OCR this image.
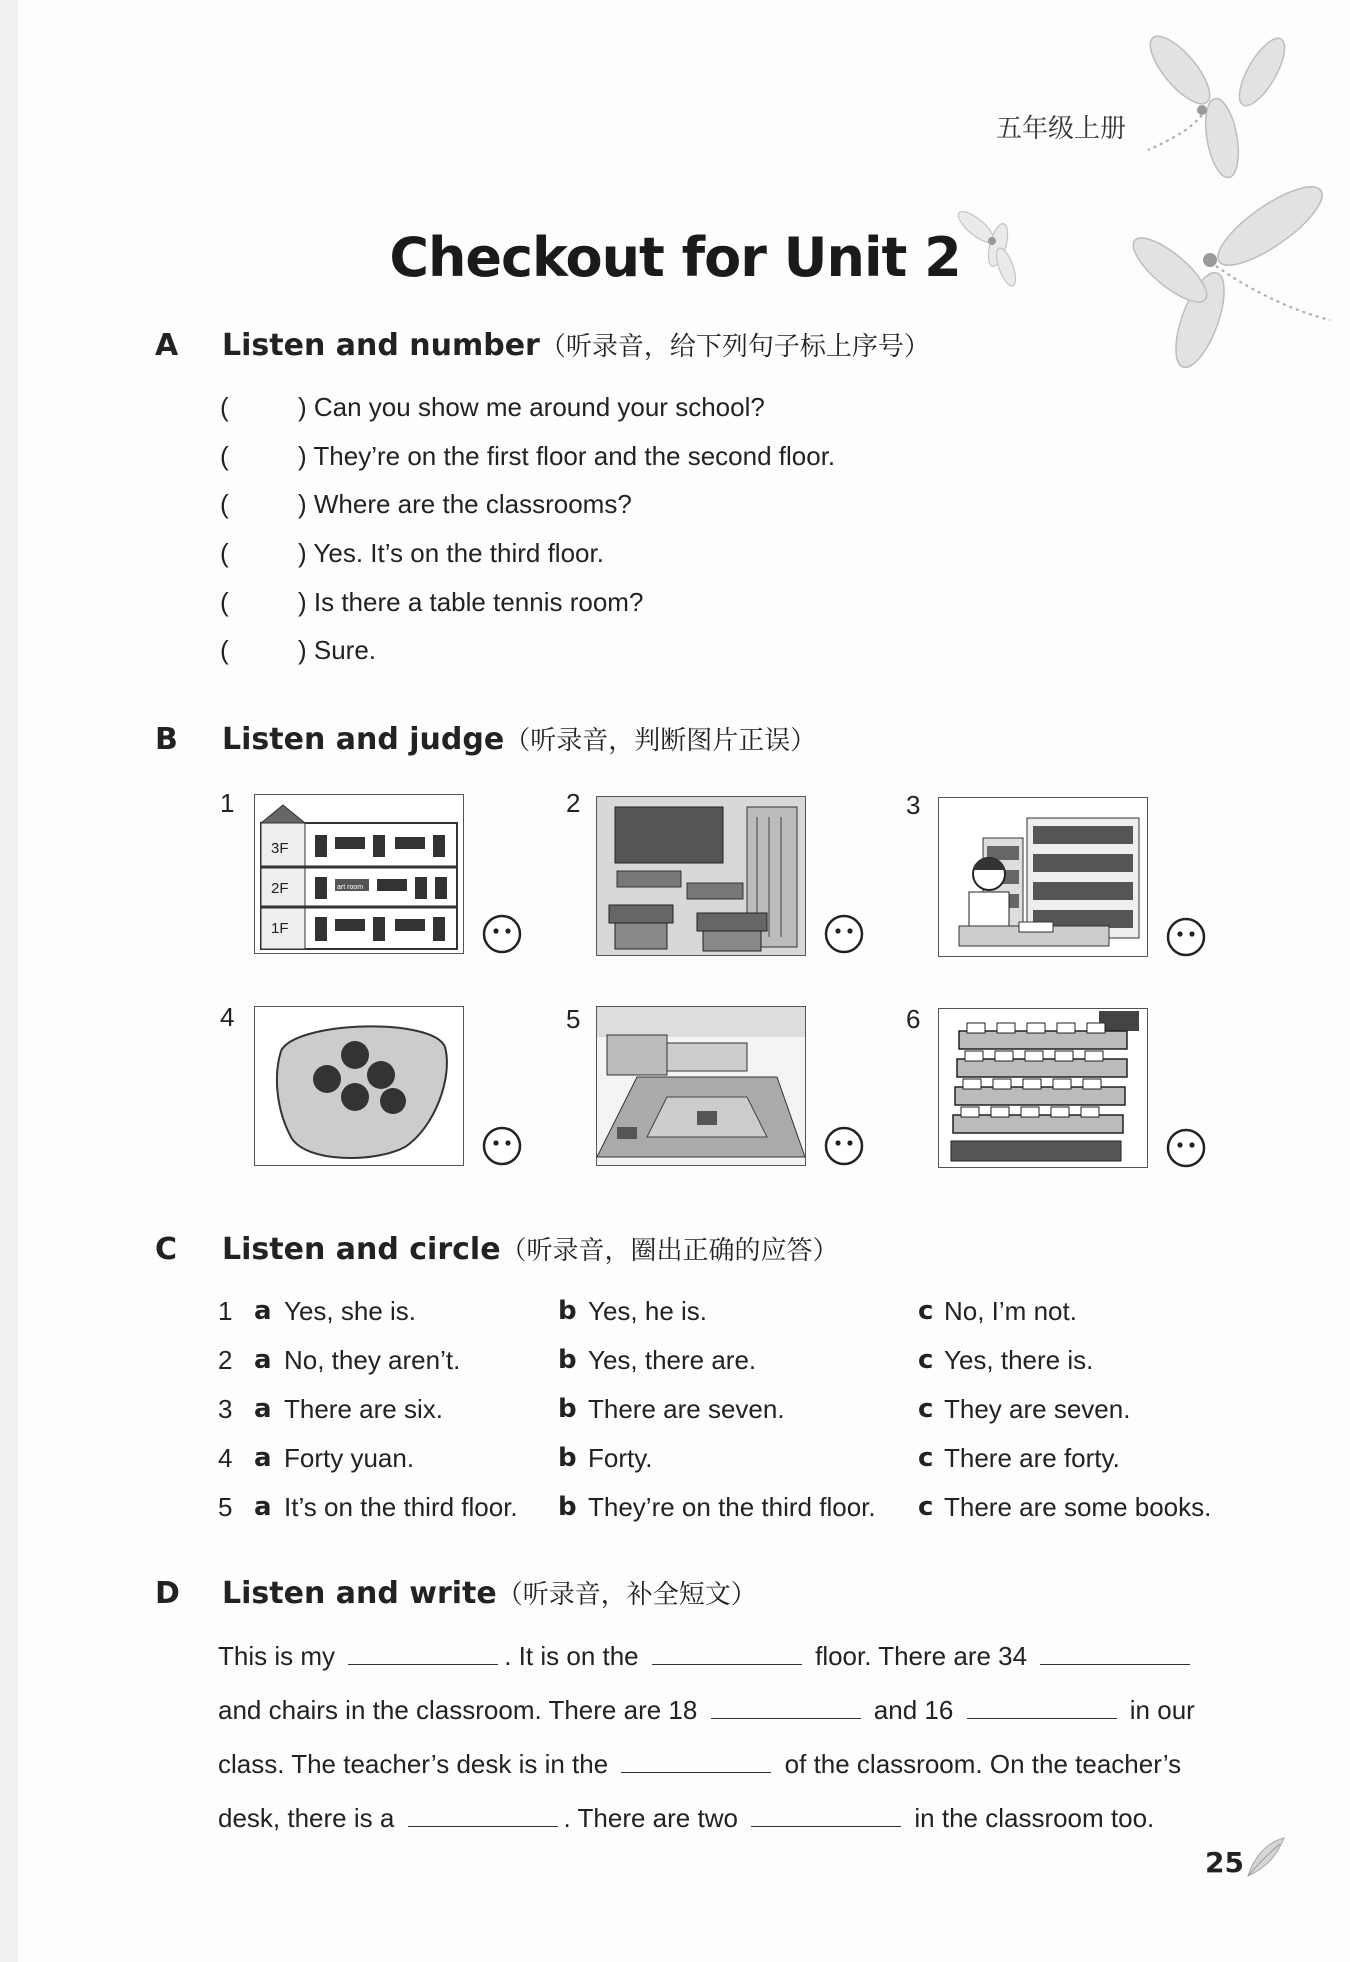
五年级上册
Checkout for Unit 2
A Listen and number（听录音，给下列句子标上序号）
(	) Can you show me around your school?
(	) They’re on the first floor and the second floor.
(	) Where are the classrooms?
(	) Yes. It’s on the third floor.
(	) Is there a table tennis room?
(	) Sure.
B Listen and judge（听录音，判断图片正误）
1
3F
2F
1F
art room
2	3
4	5	6
C Listen and circle（听录音，圈出正确的应答）
1 a Yes, she is.	b Yes, he is.	c No, I’m not.
2 a No, they aren’t.	b Yes, there are.	c Yes, there is.
3 a There are six.	b There are seven.	c They are seven.
4 a Forty yuan.	b Forty.	c There are forty.
5 a It’s on the third floor. b They’re on the third floor. c There are some books.
D Listen and write（听录音，补全短文）
This is my	. It is on the	floor. There are 34
and chairs in the classroom. There are 18	and 16	in our
class. The teacher’s desk is in the	of the classroom. On the teacher’s
desk, there is a	. There are two	in the classroom too.
25
